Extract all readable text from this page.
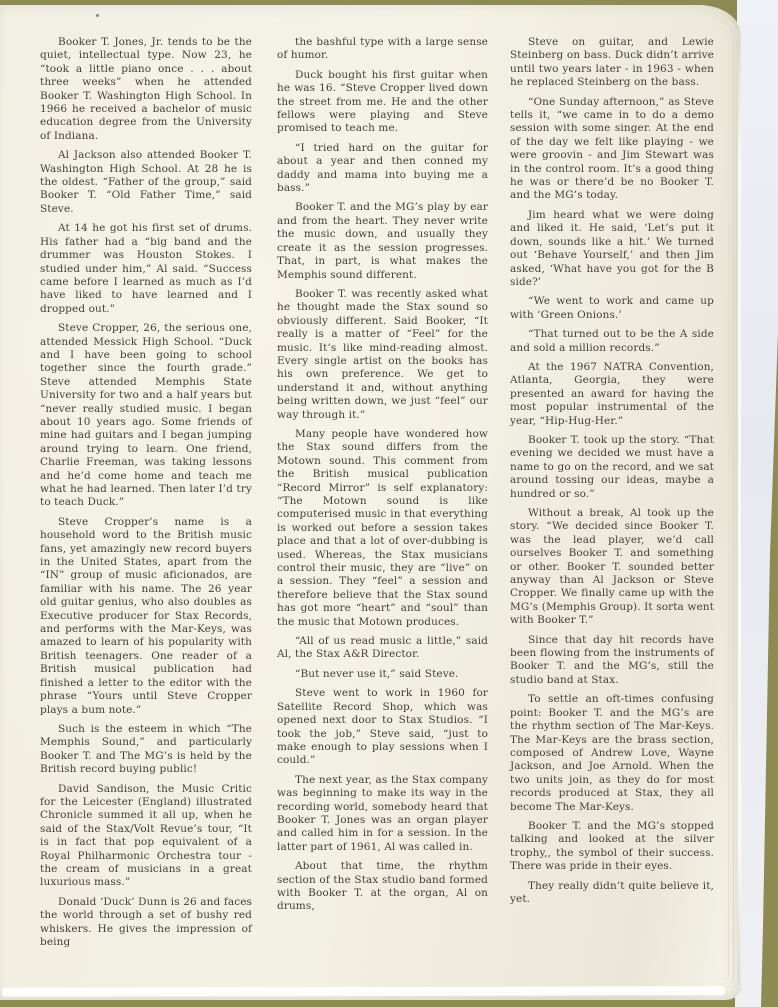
Booker T. Jones, Jr. tends to be the quiet, intellectual type. Now 23, he “took a little piano once . . . about three weeks” when he attended Booker T. Washington High School. In 1966 he received a bachelor of music education degree from the University of Indiana.

Al Jackson also attended Booker T. Washington High School. At 28 he is the oldest. “Father of the group,” said Booker T. “Old Father Time,” said Steve.

At 14 he got his first set of drums. His father had a “big band and the drummer was Houston Stokes. I studied under him,” Al said. “Success came before I learned as much as I’d have liked to have learned and I dropped out.”

Steve Cropper, 26, the serious one, attended Messick High School. “Duck and I have been going to school together since the fourth grade.” Steve attended Memphis State University for two and a half years but “never really studied music. I began about 10 years ago. Some friends of mine had guitars and I began jumping around trying to learn. One friend, Charlie Freeman, was taking lessons and he’d come home and teach me what he had learned. Then later I’d try to teach Duck.”

Steve Cropper’s name is a household word to the British music fans, yet amazingly new record buyers in the United States, apart from the “IN” group of music aficionados, are familiar with his name. The 26 year old guitar genius, who also doubles as Executive producer for Stax Records, and performs with the Mar-Keys, was amazed to learn of his popularity with British teenagers. One reader of a British musical publication had finished a letter to the editor with the phrase “Yours until Steve Cropper plays a bum note.”

Such is the esteem in which “The Memphis Sound,” and particularly Booker T. and The MG’s is held by the British record buying public!

David Sandison, the Music Critic for the Leicester (England) illustrated Chronicle summed it all up, when he said of the Stax/Volt Revue’s tour, “It is in fact that pop equivalent of a Royal Philharmonic Orchestra tour - the cream of musicians in a great luxurious mass.”

Donald ‘Duck’ Dunn is 26 and faces the world through a set of bushy red whiskers. He gives the impression of being

the bashful type with a large sense of humor.

Duck bought his first guitar when he was 16. “Steve Cropper lived down the street from me. He and the other fellows were playing and Steve promised to teach me.

“I tried hard on the guitar for about a year and then conned my daddy and mama into buying me a bass.”

Booker T. and the MG’s play by ear and from the heart. They never write the music down, and usually they create it as the session progresses. That, in part, is what makes the Memphis sound different.

Booker T. was recently asked what he thought made the Stax sound so obviously different. Said Booker, “It really is a matter of “Feel” for the music. It’s like mind-reading almost. Every single artist on the books has his own preference. We get to understand it and, without anything being written down, we just “feel” our way through it.”

Many people have wondered how the Stax sound differs from the Motown sound. This comment from the British musical publication “Record Mirror” is self explanatory: “The Motown sound is like computerised music in that everything is worked out before a session takes place and that a lot of over-dubbing is used. Whereas, the Stax musicians control their music, they are “live” on a session. They “feel” a session and therefore believe that the Stax sound has got more “heart” and “soul” than the music that Motown produces.

“All of us read music a little,” said Al, the Stax A&R Director.

“But never use it,” said Steve.

Steve went to work in 1960 for Satellite Record Shop, which was opened next door to Stax Studios. “I took the job,” Steve said, “just to make enough to play sessions when I could.”

The next year, as the Stax company was beginning to make its way in the recording world, somebody heard that Booker T. Jones was an organ player and called him in for a session. In the latter part of 1961, Al was called in.

About that time, the rhythm section of the Stax studio band formed with Booker T. at the organ, Al on drums,

Steve on guitar, and Lewie Steinberg on bass. Duck didn’t arrive until two years later - in 1963 - when he replaced Steinberg on the bass.

“One Sunday afternoon,” as Steve tells it, “we came in to do a demo session with some singer. At the end of the day we felt like playing - we were groovin - and Jim Stewart was in the control room. It’s a good thing he was or there’d be no Booker T. and the MG’s today.

Jim heard what we were doing and liked it. He said, ‘Let’s put it down, sounds like a hit.’ We turned out ‘Behave Yourself,’ and then Jim asked, ‘What have you got for the B side?’

“We went to work and came up with ‘Green Onions.’

“That turned out to be the A side and sold a million records.”

At the 1967 NATRA Convention, Atlanta, Georgia, they were presented an award for having the most popular instrumental of the year, “Hip-Hug-Her.”

Booker T. took up the story. “That evening we decided we must have a name to go on the record, and we sat around tossing our ideas, maybe a hundred or so.”

Without a break, Al took up the story. “We decided since Booker T. was the lead player, we’d call ourselves Booker T. and something or other. Booker T. sounded better anyway than Al Jackson or Steve Cropper. We finally came up with the MG’s (Memphis Group). It sorta went with Booker T.”

Since that day hit records have been flowing from the instruments of Booker T. and the MG’s, still the studio band at Stax.

To settle an oft-times confusing point: Booker T. and the MG’s are the rhythm section of The Mar-Keys. The Mar-Keys are the brass section, composed of Andrew Love, Wayne Jackson, and Joe Arnold. When the two units join, as they do for most records produced at Stax, they all become The Mar-Keys.

Booker T. and the MG’s stopped talking and looked at the silver trophy,, the symbol of their success. There was pride in their eyes.

They really didn’t quite believe it, yet.
